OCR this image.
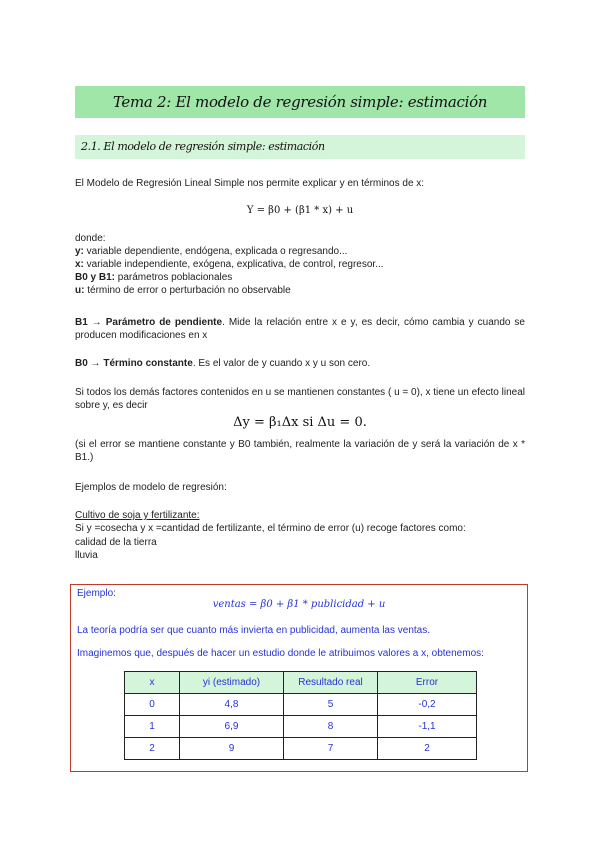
Tema 2: El modelo de regresión simple: estimación
2.1. El modelo de regresión simple: estimación
El Modelo de Regresión Lineal Simple nos permite explicar y en términos de x:
Y = β0 + (β1 * x) + u
donde:
y: variable dependiente, endógena, explicada o regresando...
x: variable independiente, exógena, explicativa, de control, regresor...
B0 y B1: parámetros poblacionales
u: término de error o perturbación no observable
B1 → Parámetro de pendiente. Mide la relación entre x e y, es decir, cómo cambia y cuando se producen modificaciones en x
B0 → Término constante. Es el valor de y cuando x y u son cero.
Si todos los demás factores contenidos en u se mantienen constantes ( u = 0), x tiene un efecto lineal sobre y, es decir
Δy = β₁Δx si Δu = 0.
(si el error se mantiene constante y B0 también, realmente la variación de y será la variación de x * B1.)
Ejemplos de modelo de regresión:
Cultivo de soja y fertilizante:
Si y =cosecha y x =cantidad de fertilizante, el término de error (u) recoge factores como:
calidad de la tierra
lluvia
Ejemplo:
ventas = β0 + β1 * publicidad + u
La teoría podría ser que cuanto más invierta en publicidad, aumenta las ventas.
Imaginemos que, después de hacer un estudio donde le atribuimos valores a x, obtenemos:
x	yi (estimado)	Resultado real	Error
0	4,8	5	-0,2
1	6,9	8	-1,1
2	9	7	2
